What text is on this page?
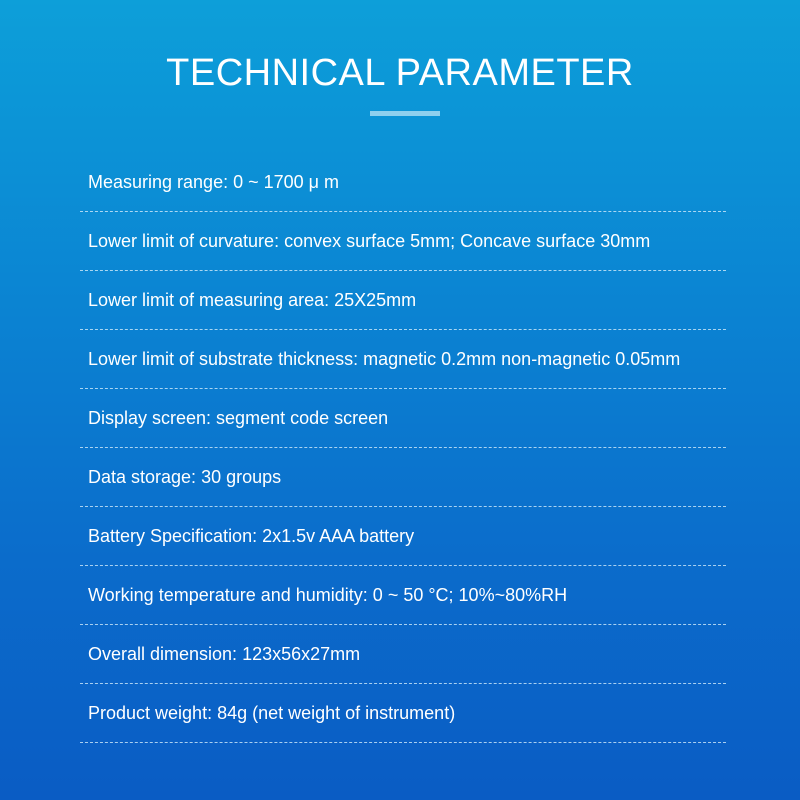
TECHNICAL PARAMETER
Measuring range: 0 ~ 1700 μ m
Lower limit of curvature: convex surface 5mm; Concave surface 30mm
Lower limit of measuring area: 25X25mm
Lower limit of substrate thickness: magnetic 0.2mm non-magnetic 0.05mm
Display screen: segment code screen
Data storage: 30 groups
Battery Specification: 2x1.5v AAA battery
Working temperature and humidity: 0 ~ 50 °C; 10%~80%RH
Overall dimension: 123x56x27mm
Product weight: 84g (net weight of instrument)
